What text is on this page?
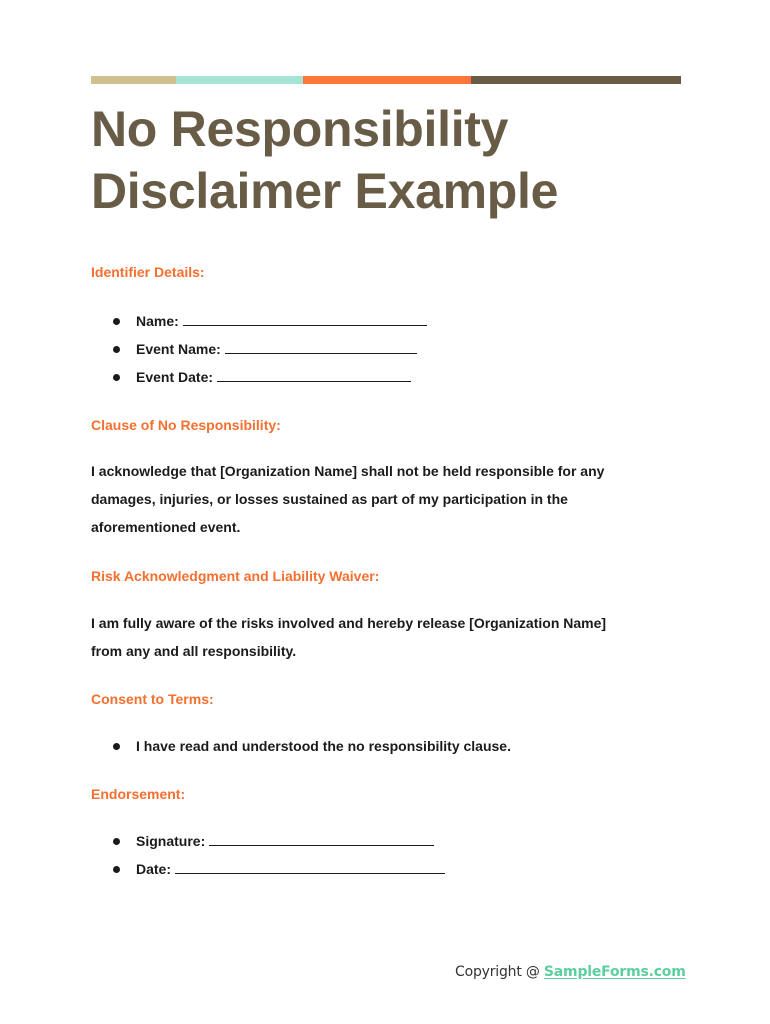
No Responsibility
Disclaimer Example
Identifier Details:
Name:
Event Name:
Event Date:
Clause of No Responsibility:

I acknowledge that [Organization Name] shall not be held responsible for any
damages, injuries, or losses sustained as part of my participation in the
aforementioned event.

Risk Acknowledgment and Liability Waiver:

I am fully aware of the risks involved and hereby release [Organization Name]
from any and all responsibility.

Consent to Terms:
I have read and understood the no responsibility clause.
Endorsement:
Signature:
Date:
Copyright @ SampleForms.com
